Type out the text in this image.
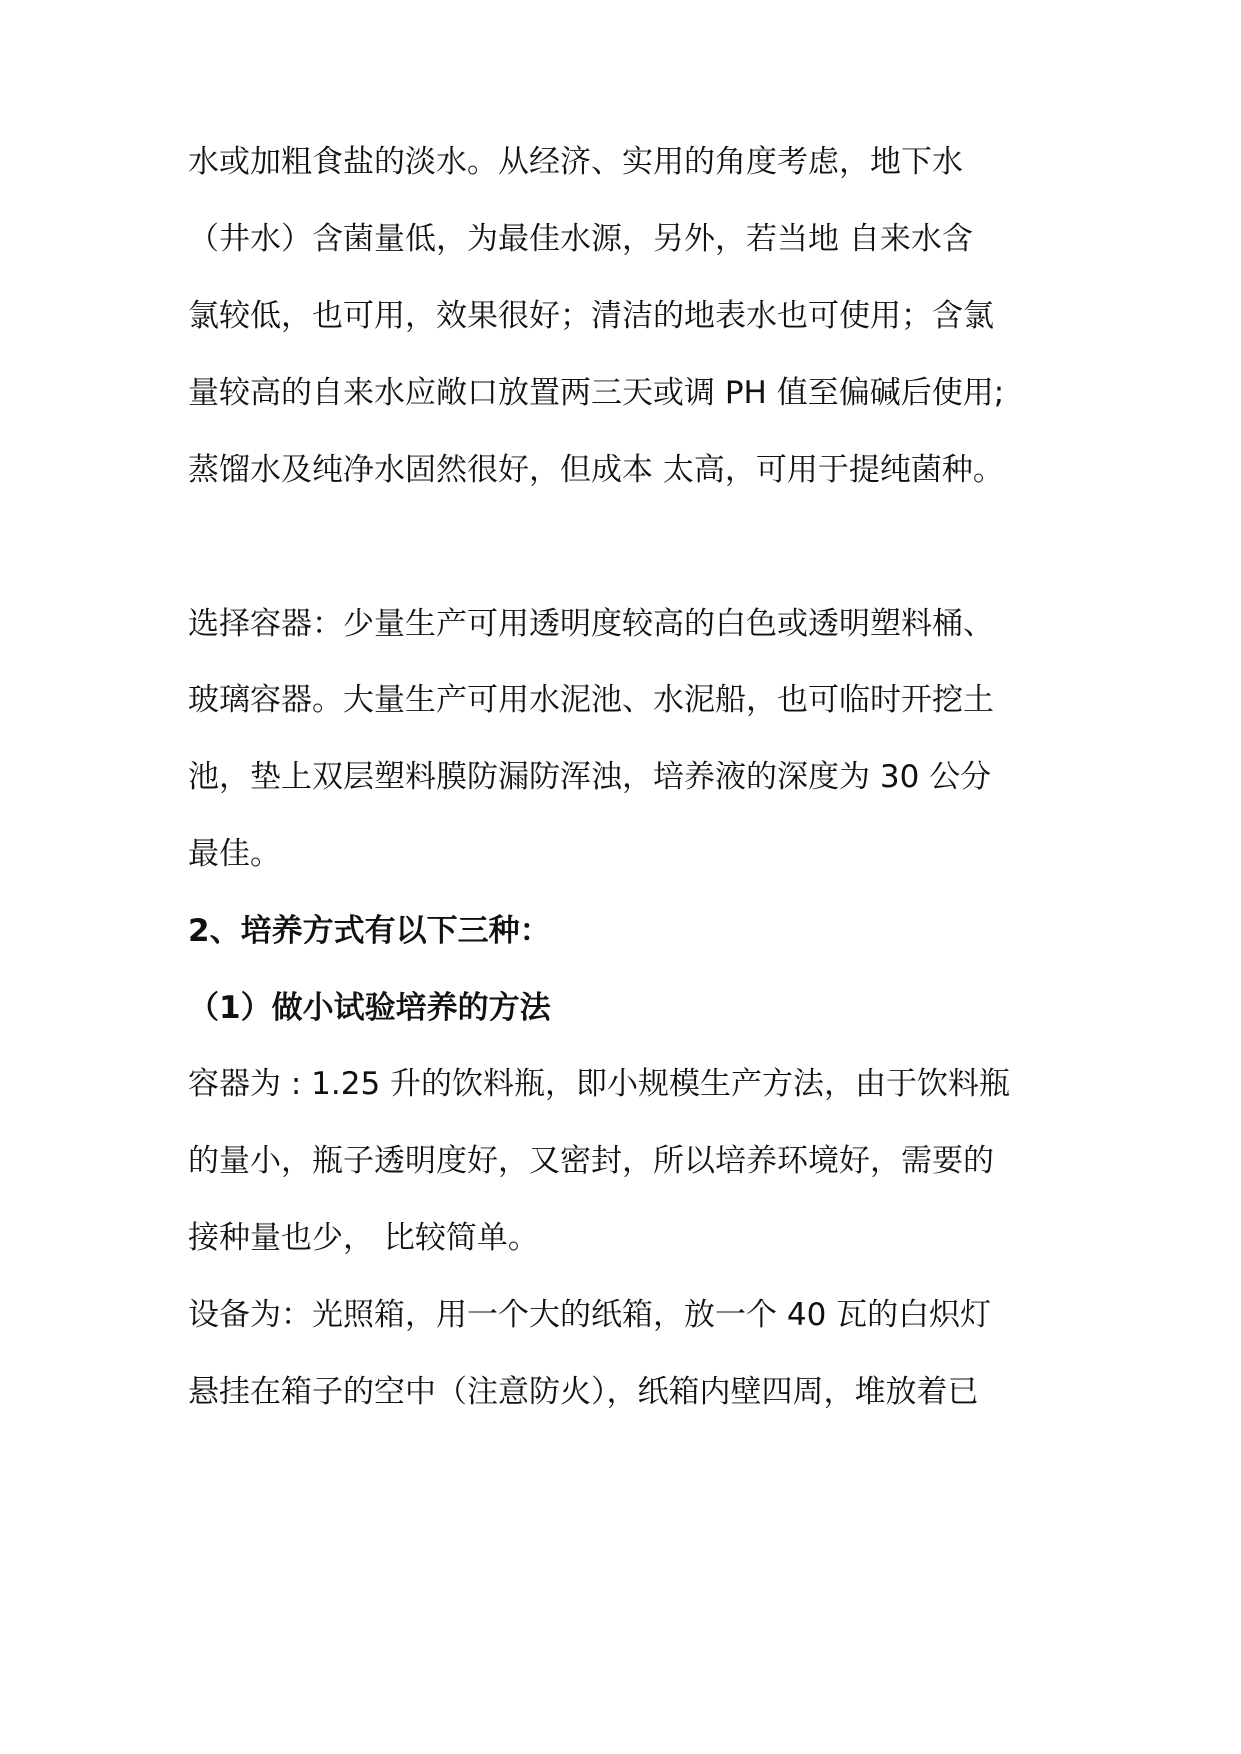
水或加粗食盐的淡水。从经济、实用的角度考虑，地下水
（井水）含菌量低，为最佳水源，另外，若当地 自来水含
氯较低，也可用，效果很好；清洁的地表水也可使用；含氯
量较高的自来水应敞口放置两三天或调 PH 值至偏碱后使用;
蒸馏水及纯净水固然很好，但成本 太高，可用于提纯菌种。
选择容器：少量生产可用透明度较高的白色或透明塑料桶、
玻璃容器。大量生产可用水泥池、水泥船，也可临时开挖土
池，垫上双层塑料膜防漏防浑浊，培养液的深度为 30 公分
最佳。
2、培养方式有以下三种：
（1）做小试验培养的方法
容器为 : 1.25 升的饮料瓶，即小规模生产方法，由于饮料瓶
的量小，瓶子透明度好，又密封，所以培养环境好，需要的
接种量也少， 比较简单。
设备为：光照箱，用一个大的纸箱，放一个 40 瓦的白炽灯
悬挂在箱子的空中（注意防火），纸箱内壁四周，堆放着已
